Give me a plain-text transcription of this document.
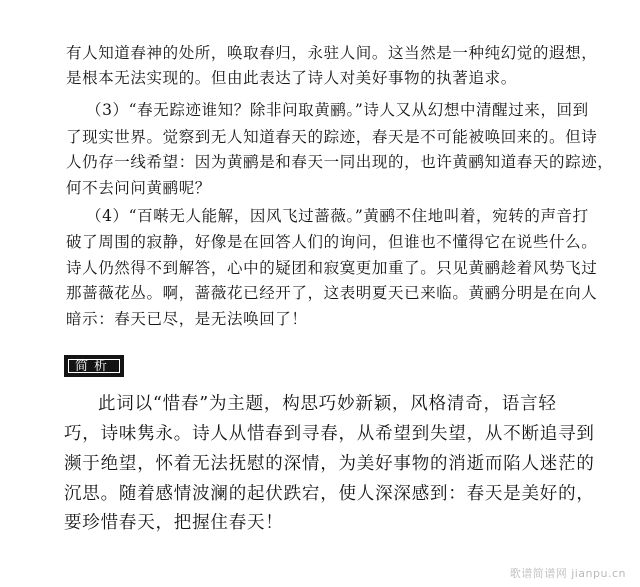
有人知道春神的处所，唤取春归，永驻人间。这当然是一种纯幻觉的遐想，
是根本无法实现的。但由此表达了诗人对美好事物的执著追求。
（3）“春无踪迹谁知？除非问取黄鹂。”诗人又从幻想中清醒过来，回到
了现实世界。觉察到无人知道春天的踪迹，春天是不可能被唤回来的。但诗
人仍存一线希望：因为黄鹂是和春天一同出现的，也许黄鹂知道春天的踪迹，
何不去问问黄鹂呢？
（4）“百啭无人能解，因风飞过蔷薇。”黄鹂不住地叫着，宛转的声音打
破了周围的寂静，好像是在回答人们的询问，但谁也不懂得它在说些什么。
诗人仍然得不到解答，心中的疑团和寂寞更加重了。只见黄鹂趁着风势飞过
那蔷薇花丛。啊，蔷薇花已经开了，这表明夏天已来临。黄鹂分明是在向人
暗示：春天已尽，是无法唤回了！
简析
此词以“惜春”为主题，构思巧妙新颖，风格清奇，语言轻
巧，诗味隽永。诗人从惜春到寻春，从希望到失望，从不断追寻到
濒于绝望，怀着无法抚慰的深情，为美好事物的消逝而陷人迷茫的
沉思。随着感情波澜的起伏跌宕，使人深深感到：春天是美好的，
要珍惜春天，把握住春天！
歌谱简谱网 jianpu.cn
